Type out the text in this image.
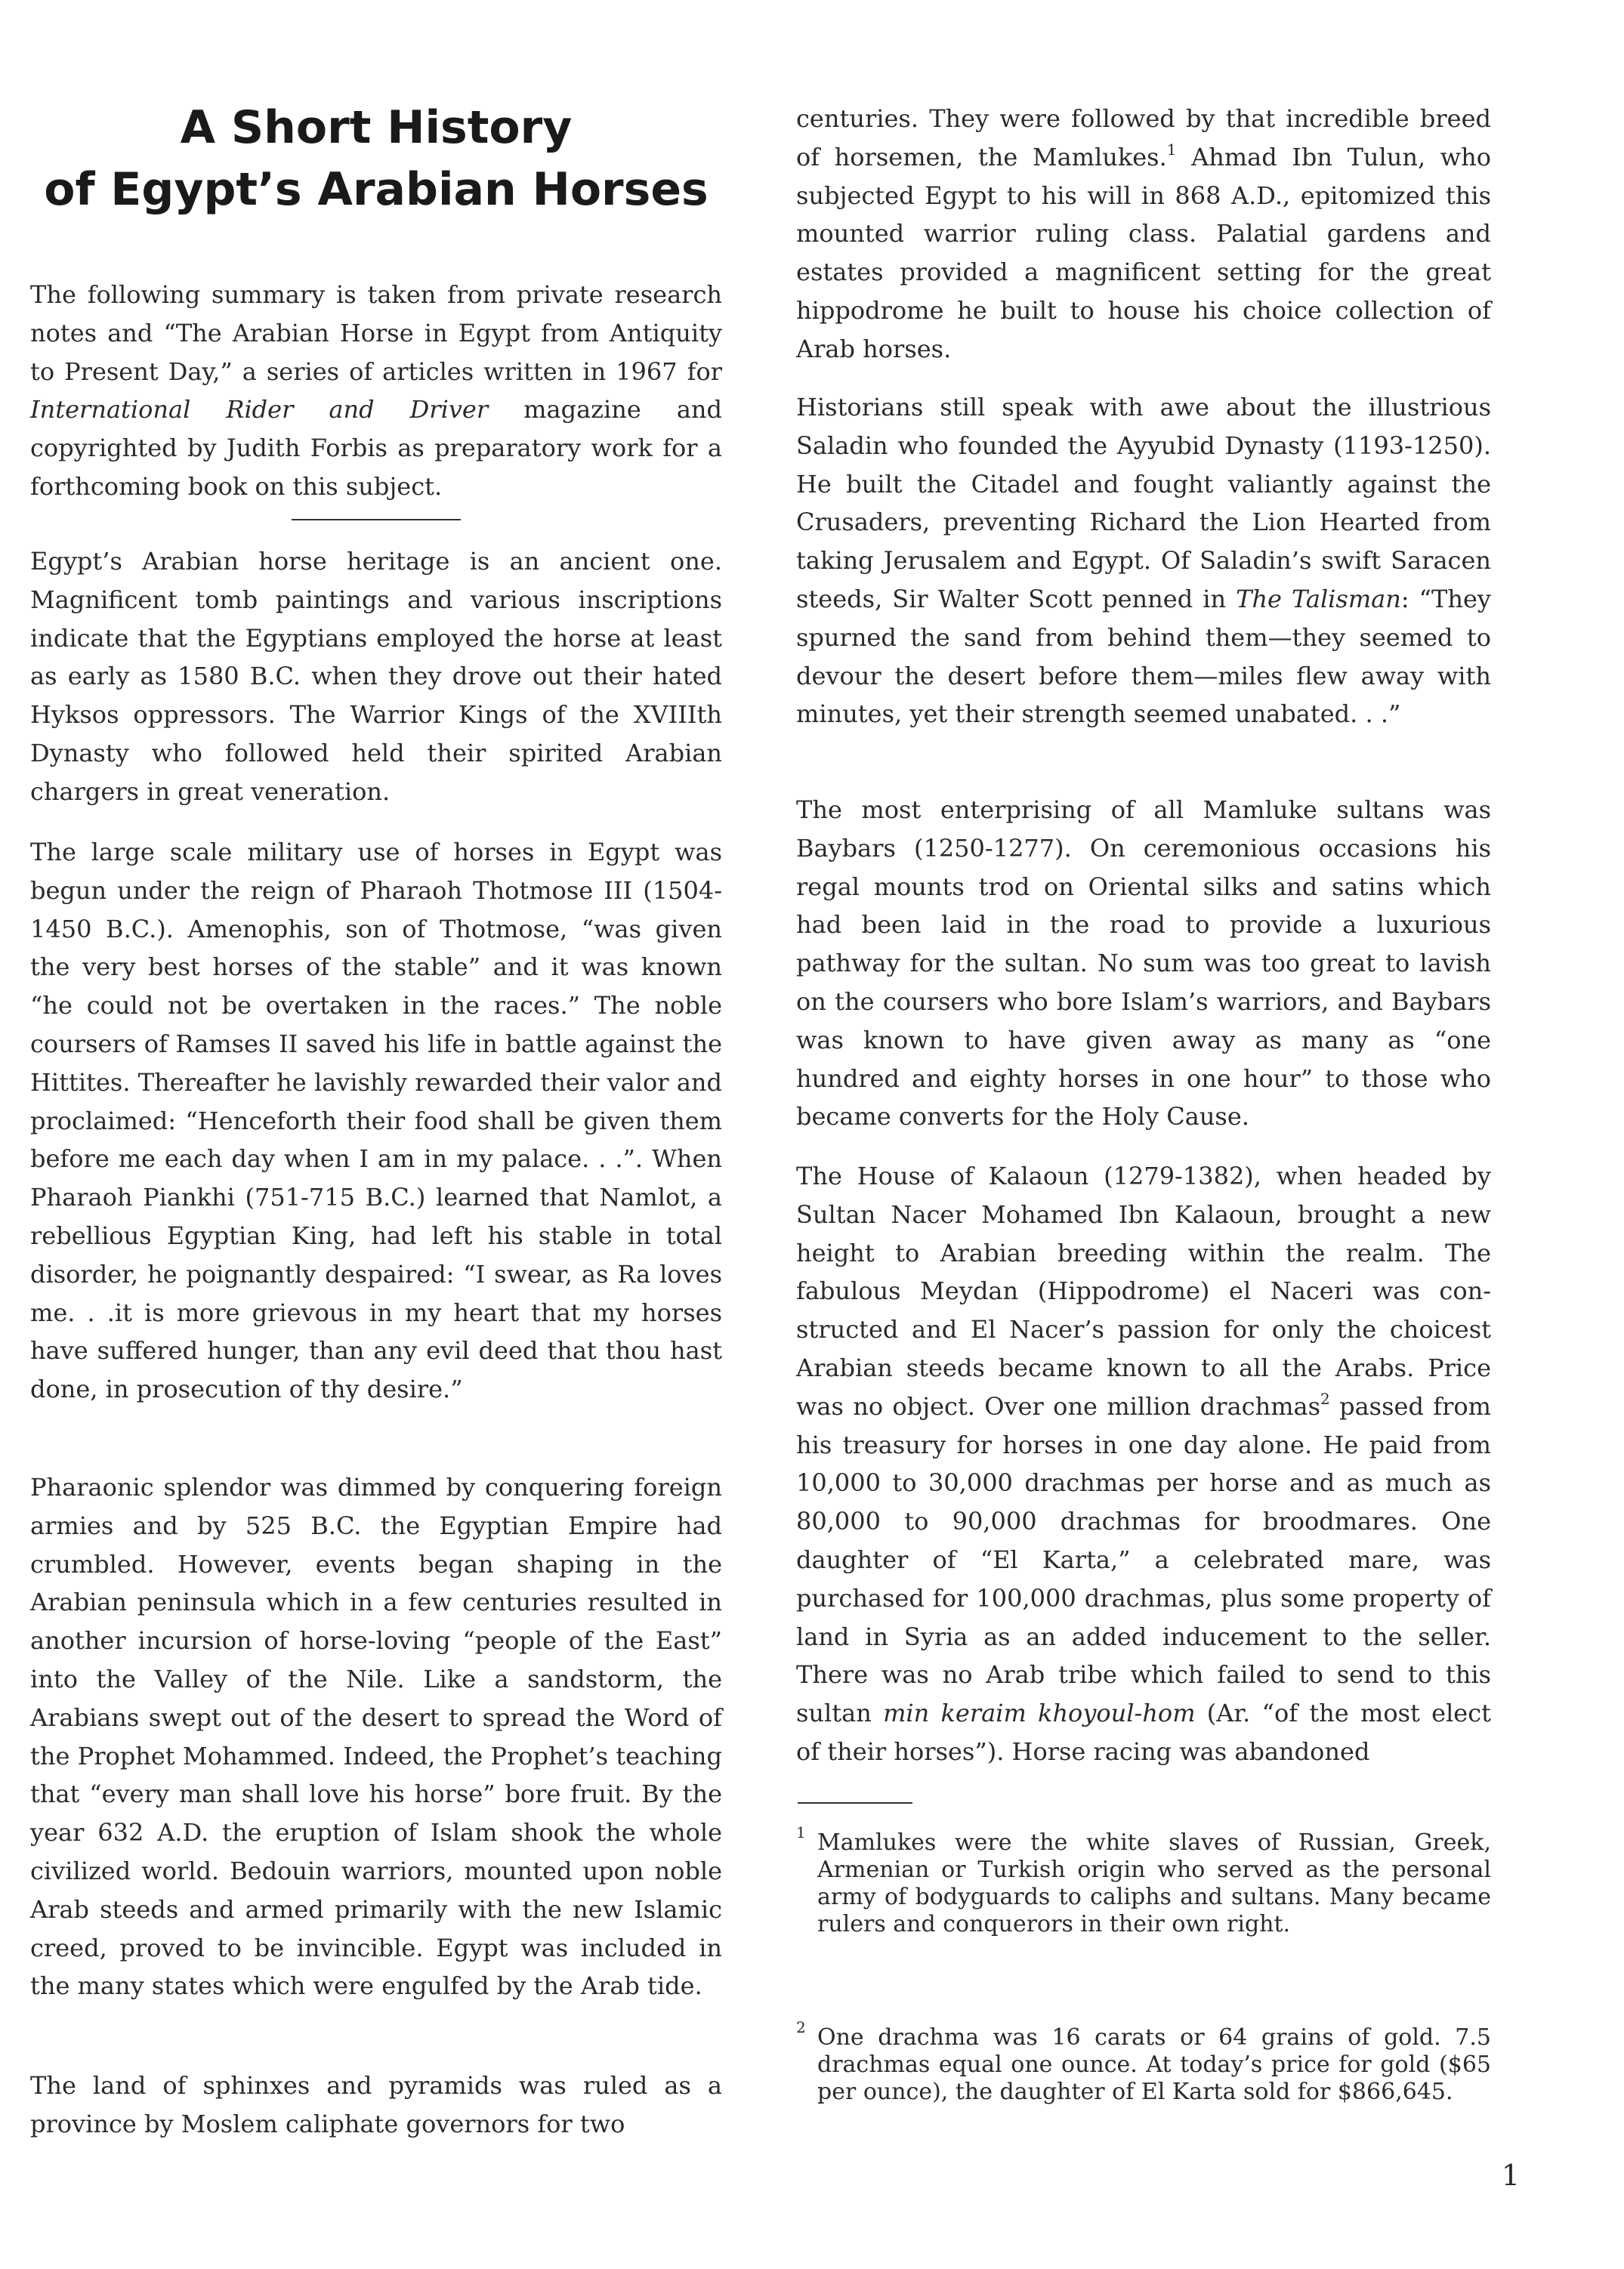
A Short History
of Egypt’s Arabian Horses

The following summary is taken from private research notes and “The Arabian Horse in Egypt from Antiquity to Present Day,” a series of articles written in 1967 for International Rider and Driver magazine and copyrighted by Judith Forbis as preparatory work for a forthcoming book on this subject.

Egypt’s Arabian horse heritage is an ancient one. Magnificent tomb paintings and various inscriptions indicate that the Egyptians employed the horse at least as early as 1580 B.C. when they drove out their hated Hyksos oppressors. The Warrior Kings of the XVIIIth Dynasty who followed held their spirited Arabian chargers in great veneration.

The large scale military use of horses in Egypt was begun under the reign of Pharaoh Thotmose III (1504-1450 B.C.). Amenophis, son of Thotmose, “was given the very best horses of the stable” and it was known “he could not be overtaken in the races.” The noble coursers of Ramses II saved his life in battle against the Hittites. Thereafter he lavishly rewarded their valor and proclaimed: “Henceforth their food shall be given them before me each day when I am in my palace. . .”. When Pharaoh Piankhi (751-715 B.C.) learned that Namlot, a rebellious Egyptian King, had left his stable in total disorder, he poignantly despaired: “I swear, as Ra loves me. . .it is more grievous in my heart that my horses have suffered hunger, than any evil deed that thou hast done, in prosecution of thy desire.”

Pharaonic splendor was dimmed by conquering foreign armies and by 525 B.C. the Egyptian Empire had crumbled. However, events began shaping in the Arabian peninsula which in a few centuries resulted in another incursion of horse-loving “people of the East” into the Valley of the Nile. Like a sandstorm, the Arabians swept out of the desert to spread the Word of the Prophet Mohammed. Indeed, the Prophet’s teaching that “every man shall love his horse” bore fruit. By the year 632 A.D. the eruption of Islam shook the whole civilized world. Bedouin warriors, mounted upon noble Arab steeds and armed primarily with the new Islamic creed, proved to be invincible. Egypt was included in the many states which were engulfed by the Arab tide.

The land of sphinxes and pyramids was ruled as a province by Moslem caliphate governors for two

centuries. They were followed by that incredible breed of horsemen, the Mamlukes.$^1$ Ahmad Ibn Tulun, who subjected Egypt to his will in 868 A.D., epitomized this mounted warrior ruling class. Palatial gardens and estates provided a magnificent setting for the great hippodrome he built to house his choice collection of Arab horses.

Historians still speak with awe about the illustrious Saladin who founded the Ayyubid Dynasty (1193-1250). He built the Citadel and fought valiantly against the Crusaders, preventing Richard the Lion Hearted from taking Jerusalem and Egypt. Of Saladin’s swift Saracen steeds, Sir Walter Scott penned in The Talisman: “They spurned the sand from behind them—they seemed to devour the desert before them—miles flew away with minutes, yet their strength seemed unabated. . .”

The most enterprising of all Mamluke sultans was Baybars (1250-1277). On ceremonious occasions his regal mounts trod on Oriental silks and satins which had been laid in the road to provide a luxurious pathway for the sultan. No sum was too great to lavish on the coursers who bore Islam’s warriors, and Baybars was known to have given away as many as “one hundred and eighty horses in one hour” to those who became converts for the Holy Cause.

The House of Kalaoun (1279-1382), when headed by Sultan Nacer Mohamed Ibn Kalaoun, brought a new height to Arabian breeding within the realm. The fabulous Meydan (Hippodrome) el Naceri was constructed and El Nacer’s passion for only the choicest Arabian steeds became known to all the Arabs. Price was no object. Over one million drachmas$^2$ passed from his treasury for horses in one day alone. He paid from 10,000 to 30,000 drachmas per horse and as much as 80,000 to 90,000 drachmas for broodmares. One daughter of “El Karta,” a celebrated mare, was purchased for 100,000 drachmas, plus some property of land in Syria as an added inducement to the seller. There was no Arab tribe which failed to send to this sultan min keraim khoyoul-hom (Ar. “of the most elect of their horses”). Horse racing was abandoned

1 Mamlukes were the white slaves of Russian, Greek, Armenian or Turkish origin who served as the personal army of bodyguards to caliphs and sultans. Many became rulers and conquerors in their own right.
2 One drachma was 16 carats or 64 grains of gold. 7.5 drachmas equal one ounce. At today’s price for gold ($65 per ounce), the daughter of El Karta sold for $866,645.
1
